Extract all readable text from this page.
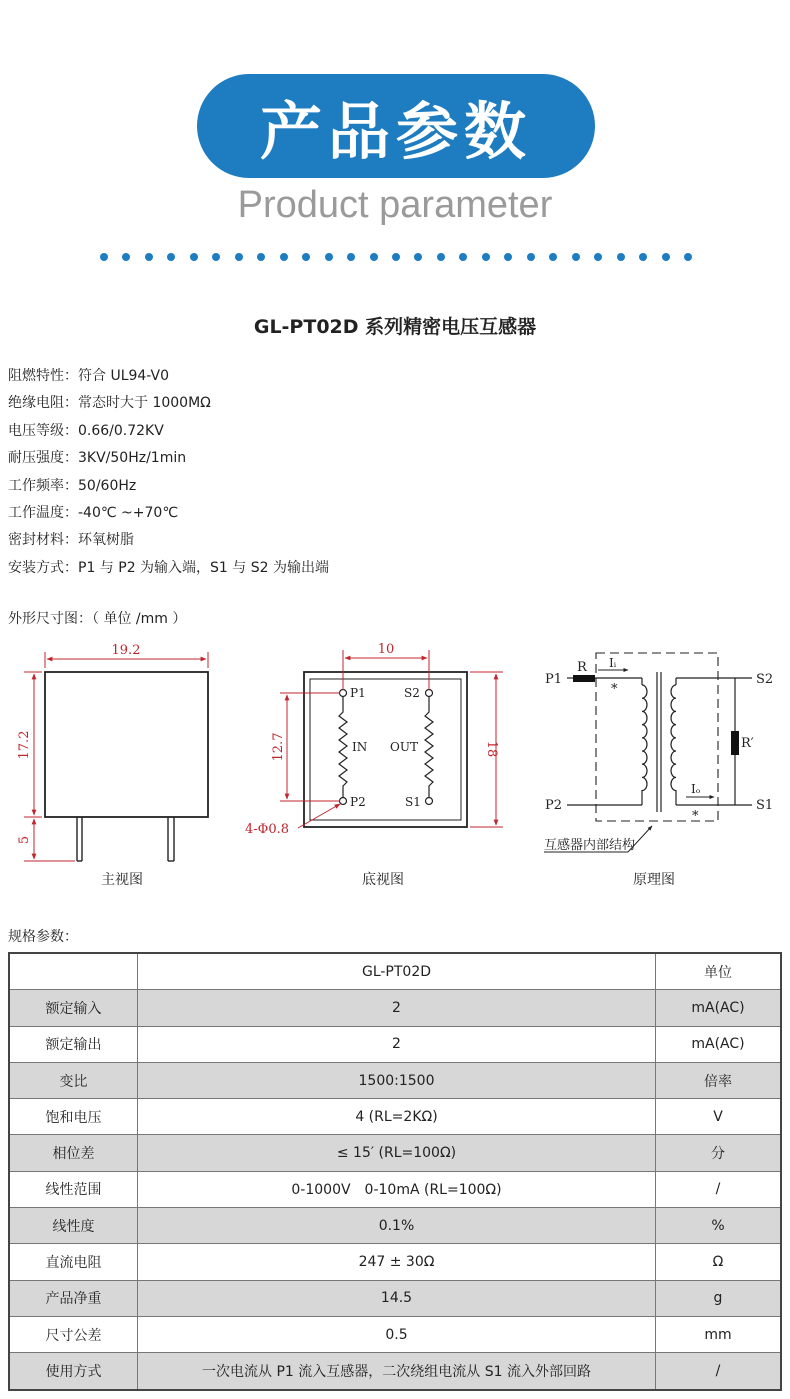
产品参数
Product parameter
GL-PT02D 系列精密电压互感器
阻燃特性：符合 UL94-V0
绝缘电阻：常态时大于 1000MΩ
电压等级：0.66/0.72KV
耐压强度：3KV/50Hz/1min
工作频率：50/60Hz
工作温度：-40℃ ~+70℃
密封材料：环氧树脂
安装方式：P1 与 P2 为输入端，S1 与 S2 为输出端
外形尺寸图：（ 单位 /mm ）
19.2
17.2
5
P1
P2
S2
S1
IN OUT
10
12.7	18
4-Φ0.8
P1
P2
S2
S1
R
R′
Iᵢ
Iₒ
*
*
互感器内部结构
主视图	底视图	原理图
规格参数：
	GL-PT02D	单位
额定输入	2	mA(AC)
额定输出	2	mA(AC)
变比	1500:1500	倍率
饱和电压	4 (RL=2KΩ)	V
相位差	≤ 15′ (RL=100Ω)	分
线性范围	0-1000V　0-10mA (RL=100Ω)	/
线性度	0.1%	%
直流电阻	247 ± 30Ω	Ω
产品净重	14.5	g
尺寸公差	0.5	mm
使用方式	一次电流从 P1 流入互感器，二次绕组电流从 S1 流入外部回路	/
